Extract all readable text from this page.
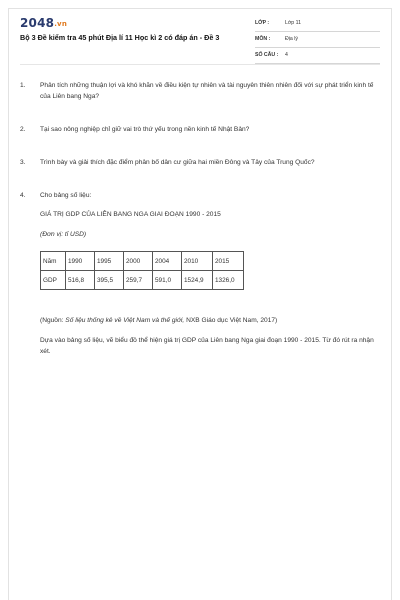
2048.vn
Bộ 3 Đề kiểm tra 45 phút Địa lí 11 Học kì 2 có đáp án - Đề 3
LỚP :	Lớp 11
MÔN :	Địa lý
SỐ CÂU : 4
1.	Phân tích những thuận lợi và khó khăn về điều kiện tự nhiên và tài nguyên thiên nhiên đối với sự phát triển kinh tế của Liên bang Nga?
2.	Tại sao nông nghiệp chỉ giữ vai trò thứ yếu trong nền kinh tế Nhật Bản?
3.	Trình bày và giải thích đặc điểm phân bố dân cư giữa hai miền Đông và Tây của Trung Quốc?
4.	Cho bảng số liệu:
GIÁ TRỊ GDP CỦA LIÊN BANG NGA GIAI ĐOẠN 1990 - 2015
(Đơn vị: tỉ USD)
Năm	1990	1995	2000	2004	2010	2015
GDP	516,8	395,5	259,7	591,0	1524,9	1326,0
(Nguồn: Số liệu thống kê về Việt Nam và thế giới, NXB Giáo dục Việt Nam, 2017)
Dựa vào bảng số liệu, vẽ biểu đồ thể hiện giá trị GDP của Liên bang Nga giai đoạn 1990 - 2015. Từ đó rút ra nhận xét.
